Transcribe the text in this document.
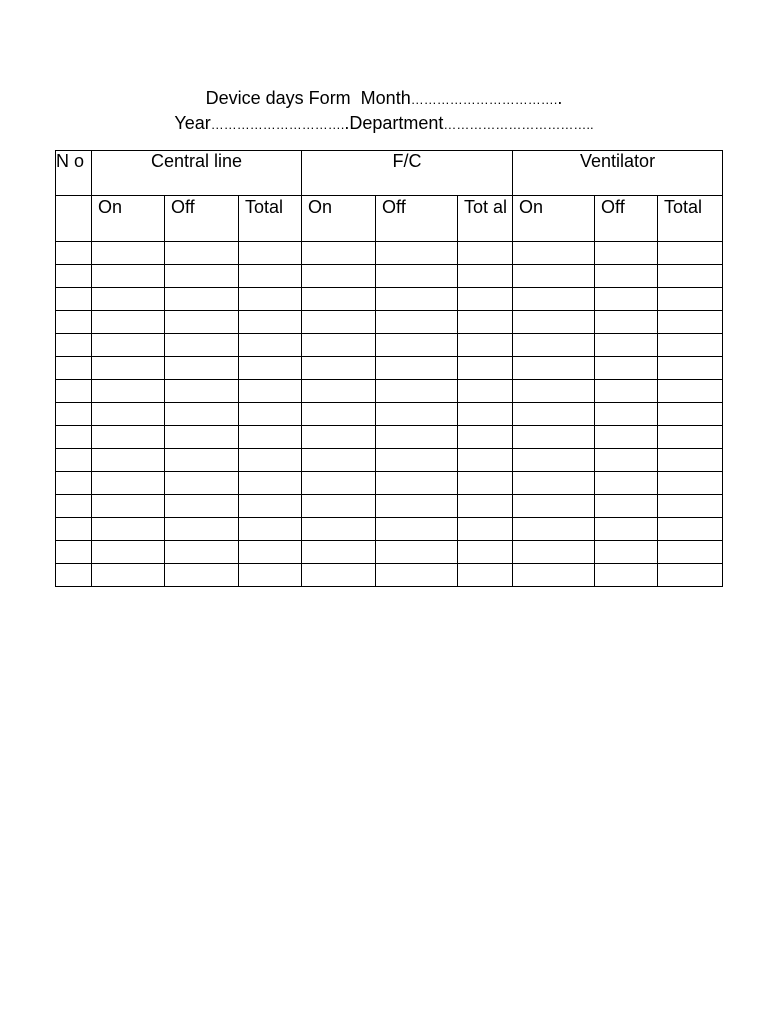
Device days Form  Month……………………………..
Year…………………………..Department……………………………..
N o	Central line			F/C			Ventilator		
	On	Off	Total	On	Off	Tot al	On	Off	Total
